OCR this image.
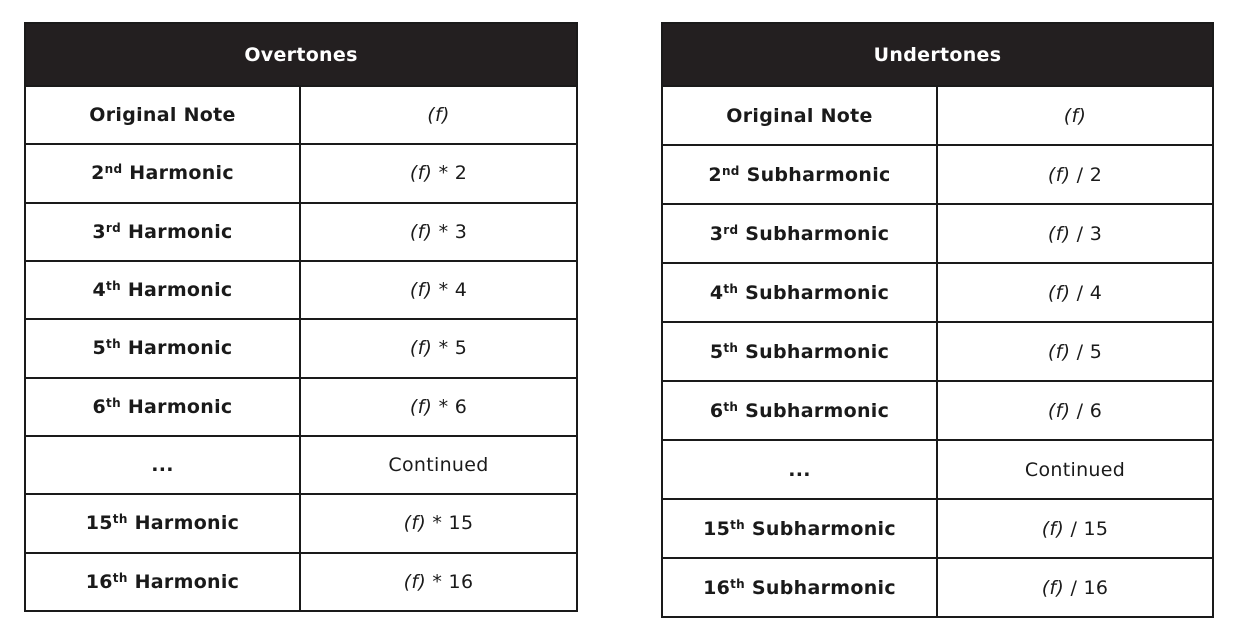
Overtones	
Original Note	(f)
2nd Harmonic	(f) * 2
3rd Harmonic	(f) * 3
4th Harmonic	(f) * 4
5th Harmonic	(f) * 5
6th Harmonic	(f) * 6
...	Continued
15th Harmonic	(f) * 15
16th Harmonic	(f) * 16
Undertones	
Original Note	(f)
2nd Subharmonic	(f) / 2
3rd Subharmonic	(f) / 3
4th Subharmonic	(f) / 4
5th Subharmonic	(f) / 5
6th Subharmonic	(f) / 6
...	Continued
15th Subharmonic	(f) / 15
16th Subharmonic	(f) / 16
